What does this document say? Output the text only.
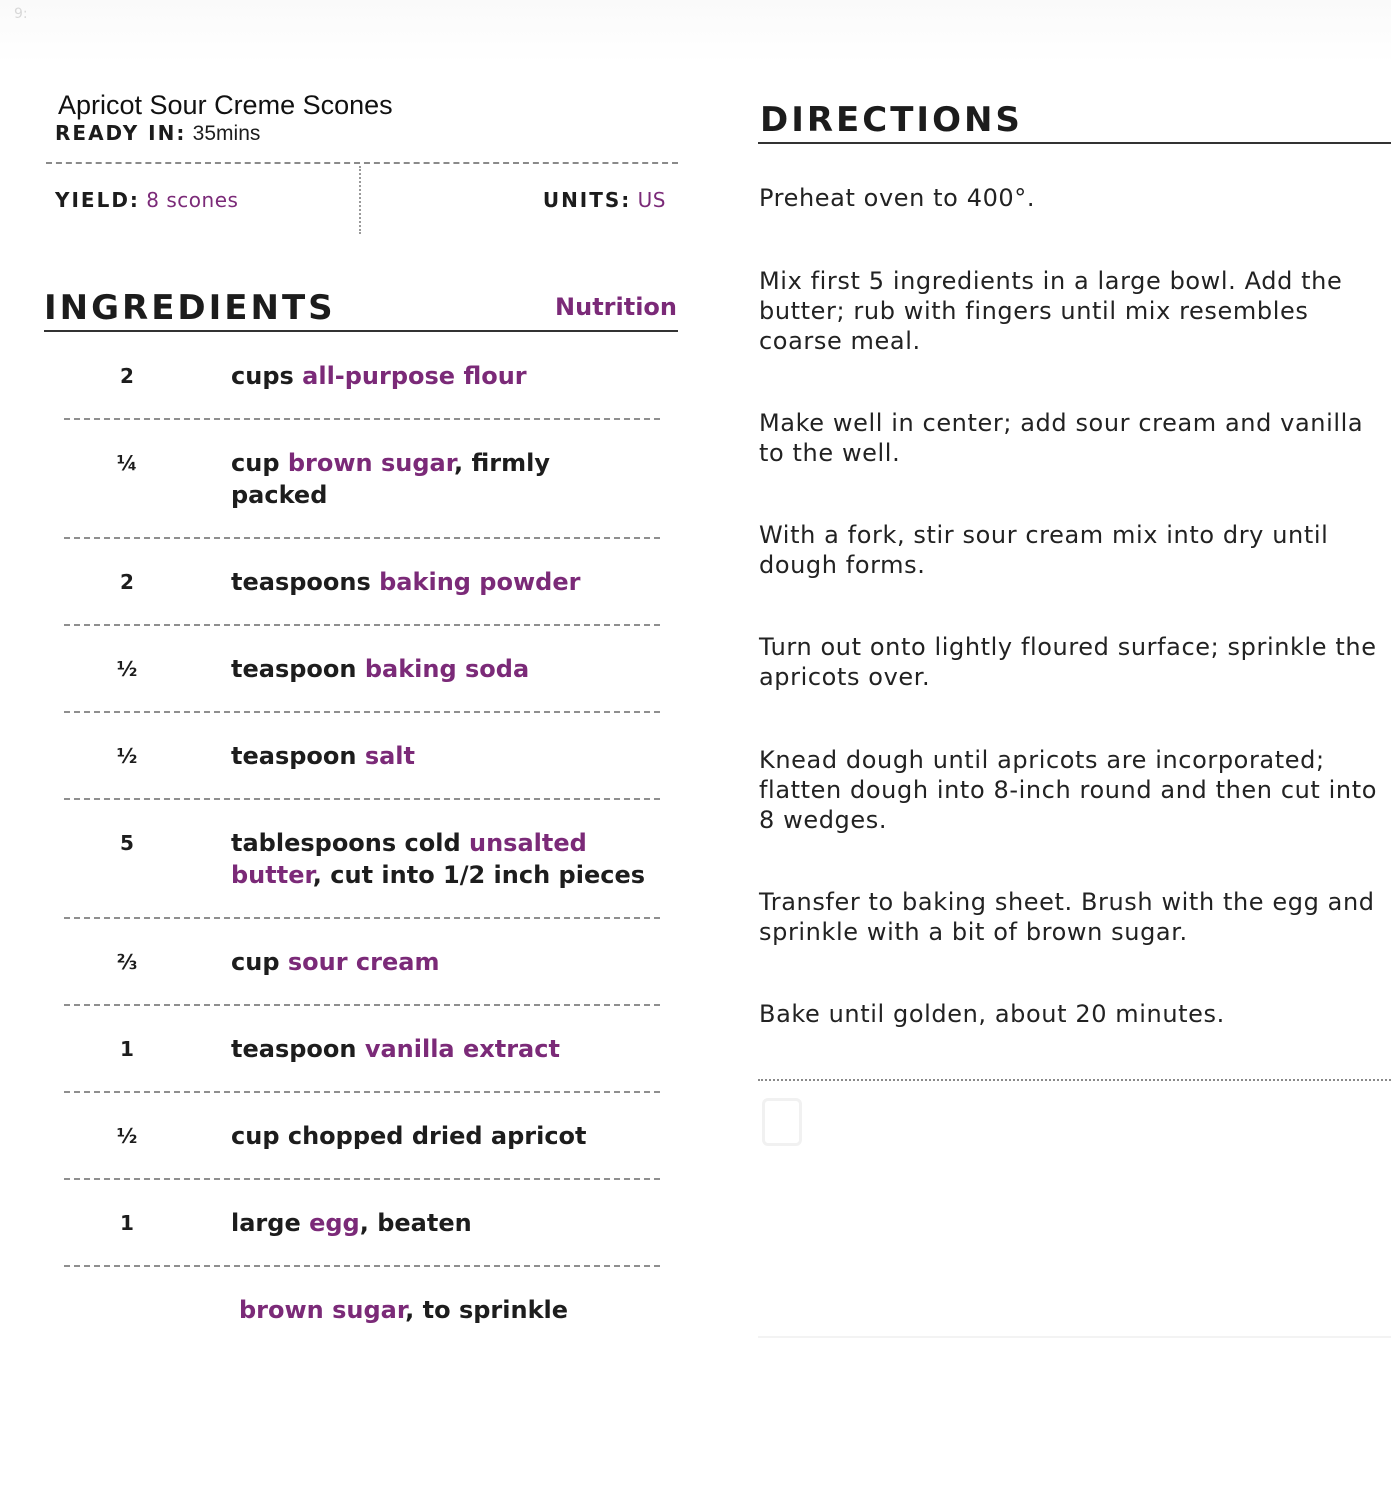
9:
Apricot Sour Creme Scones
READY IN: 35mins
YIELD: 8 scones	UNITS: US
INGREDIENTS	Nutrition
2	cups all-purpose flour
¼	cup brown sugar, firmly packed
2	teaspoons baking powder
½	teaspoon baking soda
½	teaspoon salt
5	tablespoons cold unsalted butter, cut into 1/2 inch pieces
⅔	cup sour cream
1	teaspoon vanilla extract
½	cup chopped dried apricot
1	large egg, beaten
brown sugar, to sprinkle
DIRECTIONS

Preheat oven to 400°.

Mix first 5 ingredients in a large bowl. Add the butter; rub with fingers until mix resembles coarse meal.

Make well in center; add sour cream and vanilla to the well.

With a fork, stir sour cream mix into dry until dough forms.

Turn out onto lightly floured surface; sprinkle the apricots over.

Knead dough until apricots are incorporated; flatten dough into 8-inch round and then cut into 8 wedges.

Transfer to baking sheet. Brush with the egg and sprinkle with a bit of brown sugar.

Bake until golden, about 20 minutes.
